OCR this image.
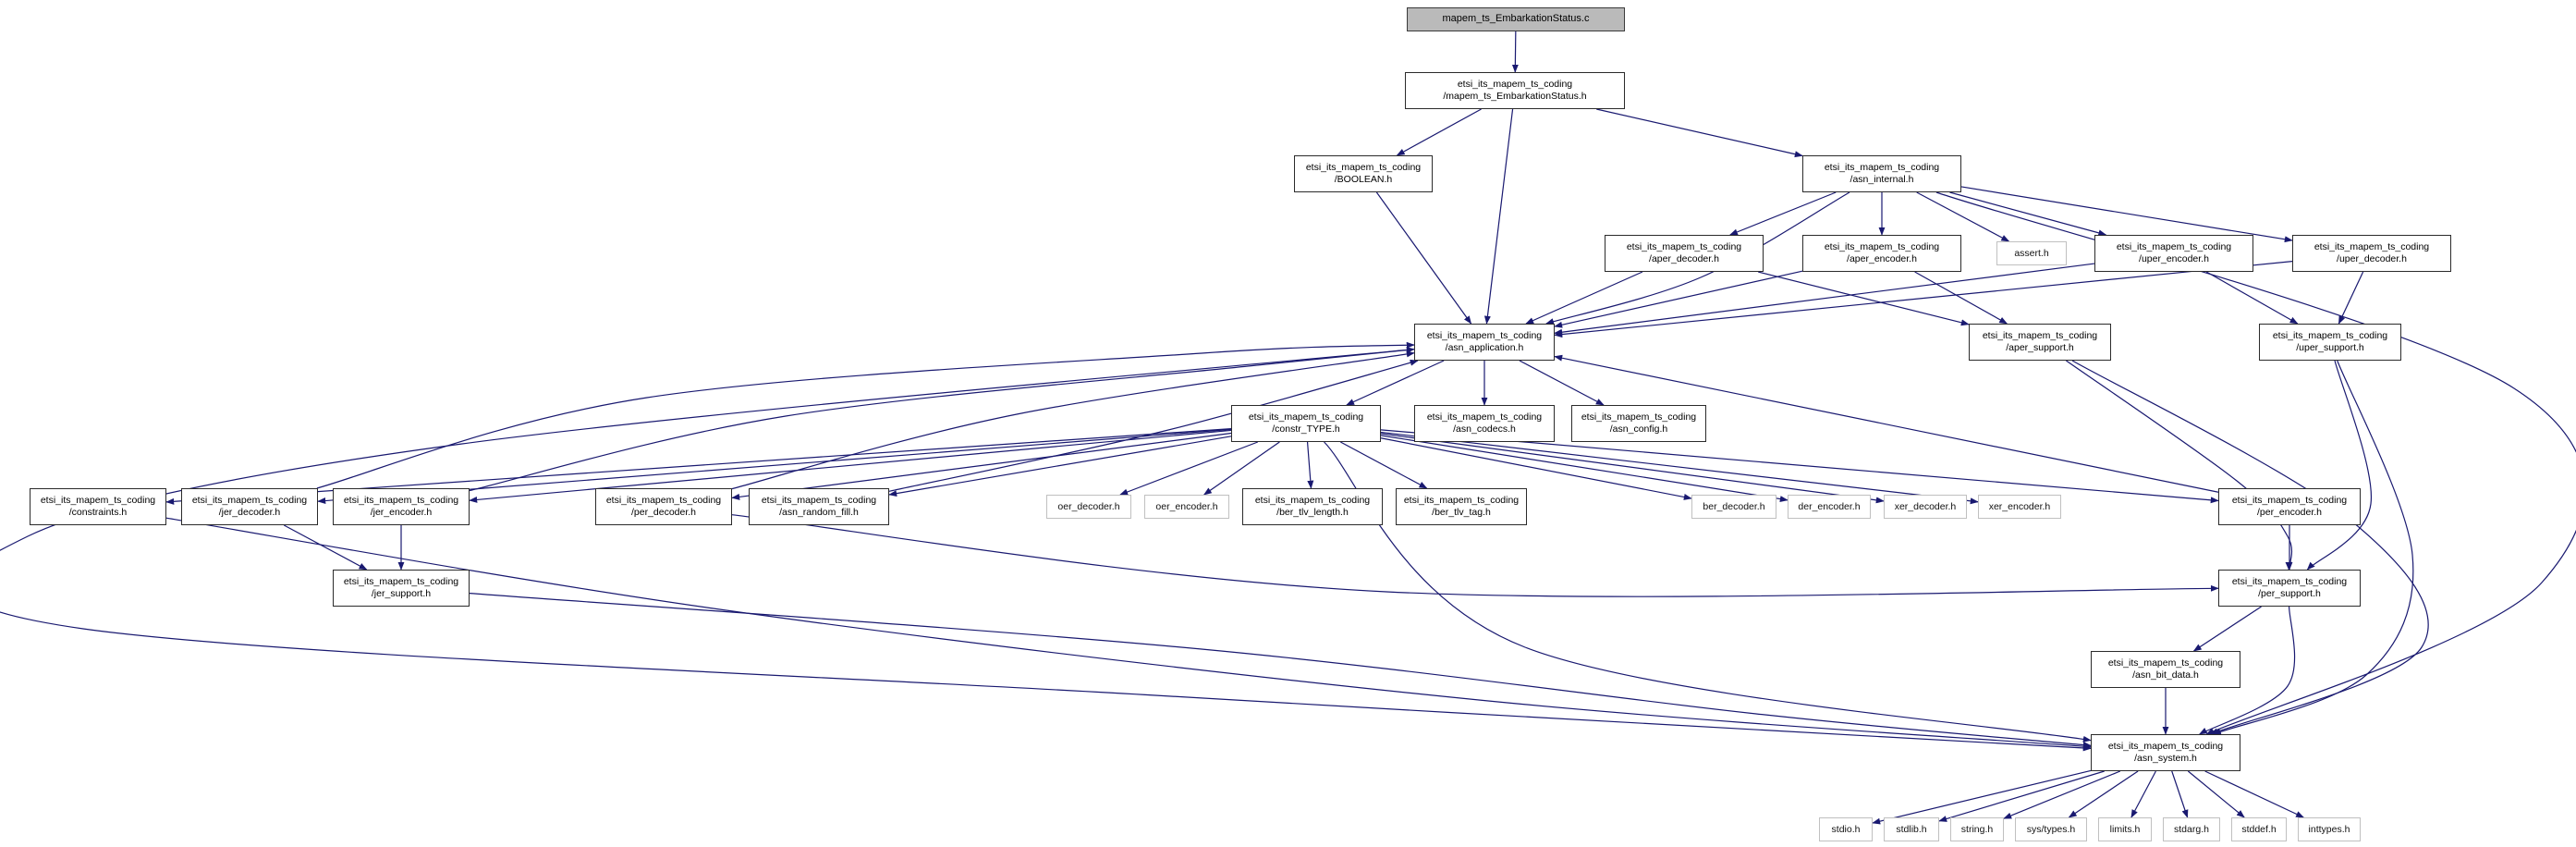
mapem_ts_EmbarkationStatus.c
etsi_its_mapem_ts_coding
/mapem_ts_EmbarkationStatus.h
etsi_its_mapem_ts_coding
/BOOLEAN.h
etsi_its_mapem_ts_coding
/asn_internal.h
etsi_its_mapem_ts_coding
/aper_decoder.h
etsi_its_mapem_ts_coding
/aper_encoder.h
assert.h
etsi_its_mapem_ts_coding
/uper_encoder.h
etsi_its_mapem_ts_coding
/uper_decoder.h
etsi_its_mapem_ts_coding
/asn_application.h
etsi_its_mapem_ts_coding
/aper_support.h
etsi_its_mapem_ts_coding
/uper_support.h
etsi_its_mapem_ts_coding
/constr_TYPE.h
etsi_its_mapem_ts_coding
/asn_codecs.h
etsi_its_mapem_ts_coding
/asn_config.h
etsi_its_mapem_ts_coding
/constraints.h
etsi_its_mapem_ts_coding
/jer_decoder.h
etsi_its_mapem_ts_coding
/jer_encoder.h
etsi_its_mapem_ts_coding
/per_decoder.h
etsi_its_mapem_ts_coding
/asn_random_fill.h
oer_decoder.h	oer_encoder.h
etsi_its_mapem_ts_coding
/ber_tlv_length.h
etsi_its_mapem_ts_coding
/ber_tlv_tag.h
ber_decoder.h	der_encoder.h	xer_decoder.h	xer_encoder.h
etsi_its_mapem_ts_coding
/per_encoder.h
etsi_its_mapem_ts_coding
/jer_support.h
etsi_its_mapem_ts_coding
/per_support.h
etsi_its_mapem_ts_coding
/asn_bit_data.h
etsi_its_mapem_ts_coding
/asn_system.h
stdio.h	stdlib.h	string.h	sys/types.h	limits.h	stdarg.h	stddef.h	inttypes.h
